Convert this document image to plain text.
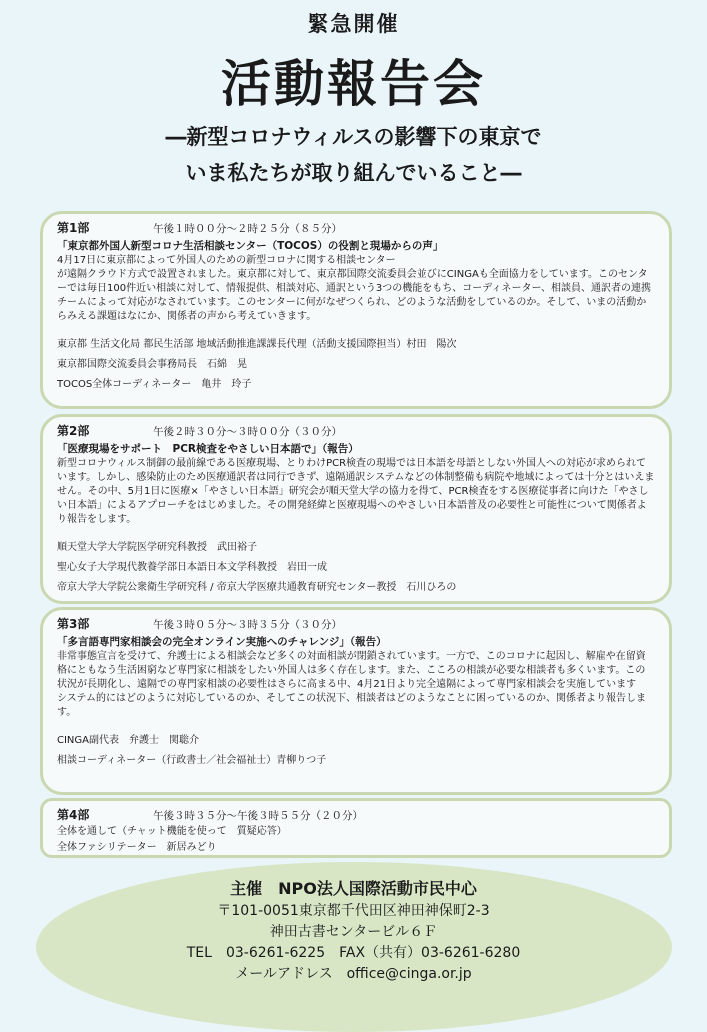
緊急開催
活動報告会
―新型コロナウィルスの影響下の東京で
いま私たちが取り組んでいること―
第1部	午後１時００分～２時２５分（８５分）
「東京都外国人新型コロナ生活相談センター（TOCOS）の役割と現場からの声」

4月17日に東京都によって外国人のための新型コロナに関する相談センター

が遠隔クラウド方式で設置されました。東京都に対して、東京都国際交流委員会並びにCINGAも全面協力をしています。このセンターでは毎日100件近い相談に対して、情報提供、相談対応、通訳という3つの機能をもち、コーディネーター、相談員、通訳者の連携チームによって対応がなされています。このセンターに何がなぜつくられ、どのような活動をしているのか。そして、いまの活動からみえる課題はなにか、関係者の声から考えていきます。

東京都 生活文化局 都民生活部 地域活動推進課課長代理（活動支援国際担当）村田　陽次
東京都国際交流委員会事務局長　石綿　晃
TOCOS全体コーディネーター　亀井　玲子
第2部	午後２時３０分～３時００分（３０分）
「医療現場をサポート　PCR検査をやさしい日本語で」（報告）

新型コロナウィルス制御の最前線である医療現場、とりわけPCR検査の現場では日本語を母語としない外国人への対応が求められています。しかし、感染防止のため医療通訳者は同行できず、遠隔通訳システムなどの体制整備も病院や地域によっては十分とはいえません。その中、5月1日に医療×「やさしい日本語」研究会が順天堂大学の協力を得て、PCR検査をする医療従事者に向けた「やさしい日本語」によるアプローチをはじめました。その開発経緯と医療現場へのやさしい日本語普及の必要性と可能性について関係者より報告をします。

順天堂大学大学院医学研究科教授　武田裕子
聖心女子大学現代教養学部日本語日本文学科教授　岩田一成
帝京大学大学院公衆衛生学研究科 / 帝京大学医療共通教育研究センター教授　石川ひろの
第3部	午後３時０５分～３時３５分（３０分）
「多言語専門家相談会の完全オンライン実施へのチャレンジ」（報告）

非常事態宣言を受けて、弁護士による相談会など多くの対面相談が閉鎖されています。一方で、このコロナに起因し、解雇や在留資格にともなう生活困窮など専門家に相談をしたい外国人は多く存在します。また、こころの相談が必要な相談者も多くいます。この状況が長期化し、遠隔での専門家相談の必要性はさらに高まる中、4月21日より完全遠隔によって専門家相談会を実施しています

システム的にはどのように対応しているのか、そしてこの状況下、相談者はどのようなことに困っているのか、関係者より報告します。

CINGA副代表　弁護士　関聡介
相談コーディネーター（行政書士／社会福祉士）青柳りつ子
第4部	午後３時３５分～午後３時５５分（２０分）
全体を通して（チャット機能を使って　質疑応答）
全体ファシリテーター　新居みどり
主催　NPO法人国際活動市民中心
〒101-0051東京都千代田区神田神保町2-3
神田古書センタービル６Ｆ
TEL　03-6261-6225　FAX（共有）03-6261-6280
メールアドレス　office@cinga.or.jp
